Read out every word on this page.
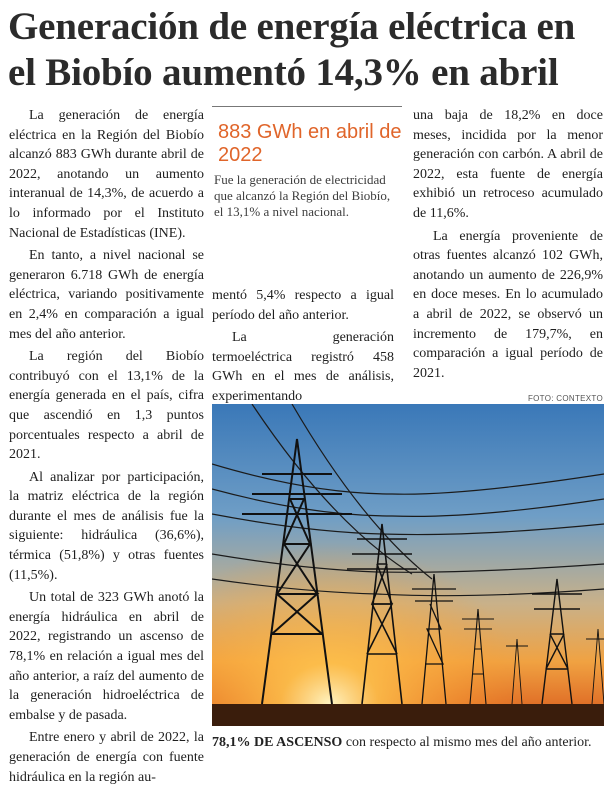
Generación de energía eléctrica en el Biobío aumentó 14,3% en abril

La generación de energía eléctrica en la Región del Biobío alcanzó 883 GWh durante abril de 2022, anotando un aumento interanual de 14,3%, de acuerdo a lo informado por el Instituto Nacional de Estadísticas (INE).

En tanto, a nivel nacional se generaron 6.718 GWh de energía eléctrica, variando positivamente en 2,4% en comparación a igual mes del año anterior.

La región del Biobío contribuyó con el 13,1% de la energía generada en el país, cifra que ascendió en 1,3 puntos porcentuales respecto a abril de 2021.

Al analizar por participación, la matriz eléctrica de la región durante el mes de análisis fue la siguiente: hidráulica (36,6%), térmica (51,8%) y otras fuentes (11,5%).

Un total de 323 GWh anotó la energía hidráulica en abril de 2022, registrando un ascenso de 78,1% en relación a igual mes del año anterior, a raíz del aumento de la generación hidroeléctrica de embalse y de pasada.

Entre enero y abril de 2022, la generación de energía con fuente hidráulica en la región au-

883 GWh en abril de 2022
Fue la generación de electricidad que alcanzó la Región del Biobío, el 13,1% a nivel nacional.

mentó 5,4% respecto a igual período del año anterior.

La generación termoeléctrica registró 458 GWh en el mes de análisis, experimentando

una baja de 18,2% en doce meses, incidida por la menor generación con carbón. A abril de 2022, esta fuente de energía exhibió un retroceso acumulado de 11,6%.

La energía proveniente de otras fuentes alcanzó 102 GWh, anotando un aumento de 226,9% en doce meses. En lo acumulado a abril de 2022, se observó un incremento de 179,7%, en comparación a igual período de 2021.

FOTO: CONTEXTO
78,1% DE ASCENSO con respecto al mismo mes del año anterior.
